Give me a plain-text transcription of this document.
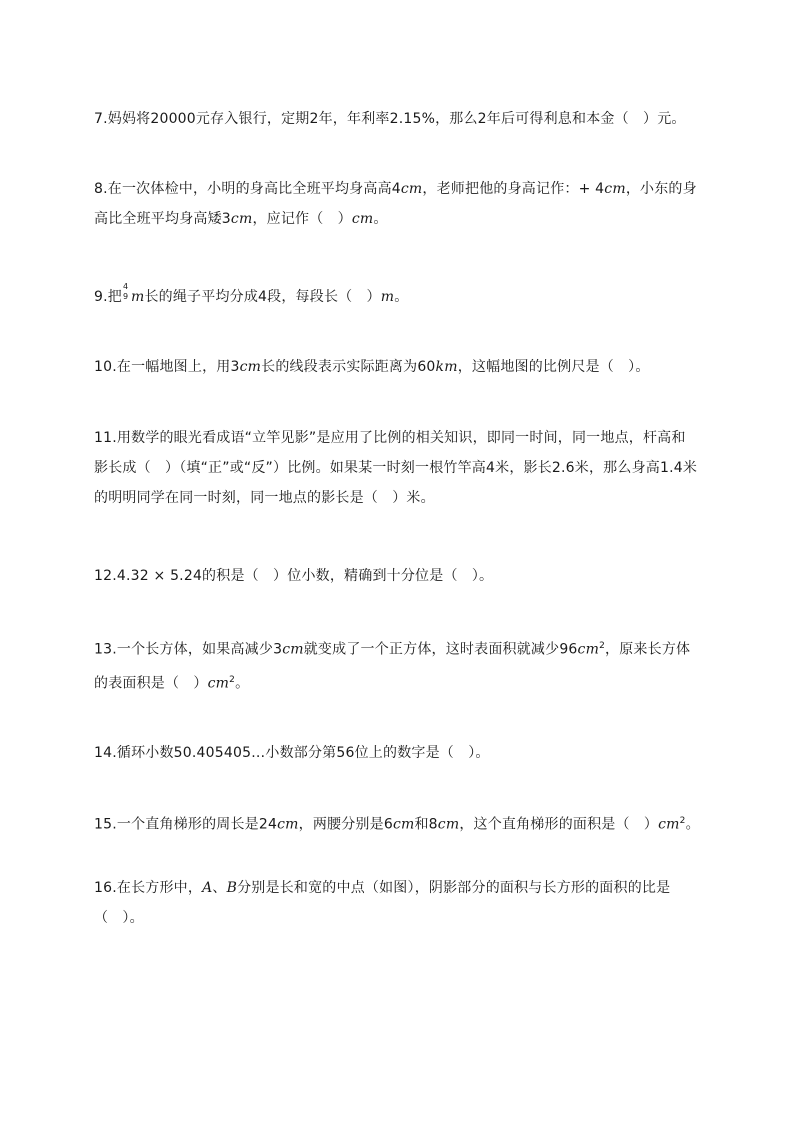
7.妈妈将20000元存入银行，定期2年，年利率2.15%，那么2年后可得利息和本金（　）元。
8.在一次体检中，小明的身高比全班平均身高高4cm，老师把他的身高记作：+ 4cm，小东的身
高比全班平均身高矮3cm，应记作（　）cm。
9.把
4
9 m长的绳子平均分成4段，每段长（　）m。
10.在一幅地图上，用3cm长的线段表示实际距离为60km，这幅地图的比例尺是（　）。
11.用数学的眼光看成语“立竿见影”是应用了比例的相关知识，即同一时间，同一地点，杆高和
影长成（　）（填“正”或“反”）比例。如果某一时刻一根竹竿高4米，影长2.6米，那么身高1.4米
的明明同学在同一时刻，同一地点的影长是（　）米。
12.4.32 × 5.24的积是（　）位小数，精确到十分位是（　）。
13.一个长方体，如果高减少3cm就变成了一个正方体，这时表面积就减少$96cm^2$，原来长方体
的表面积是（　）$cm^2$。
14.循环小数50.405405…小数部分第56位上的数字是（　）。
15.一个直角梯形的周长是24cm，两腰分别是6cm和8cm，这个直角梯形的面积是（　）$cm^2$。
16.在长方形中，A、B分别是长和宽的中点（如图），阴影部分的面积与长方形的面积的比是
（　）。
